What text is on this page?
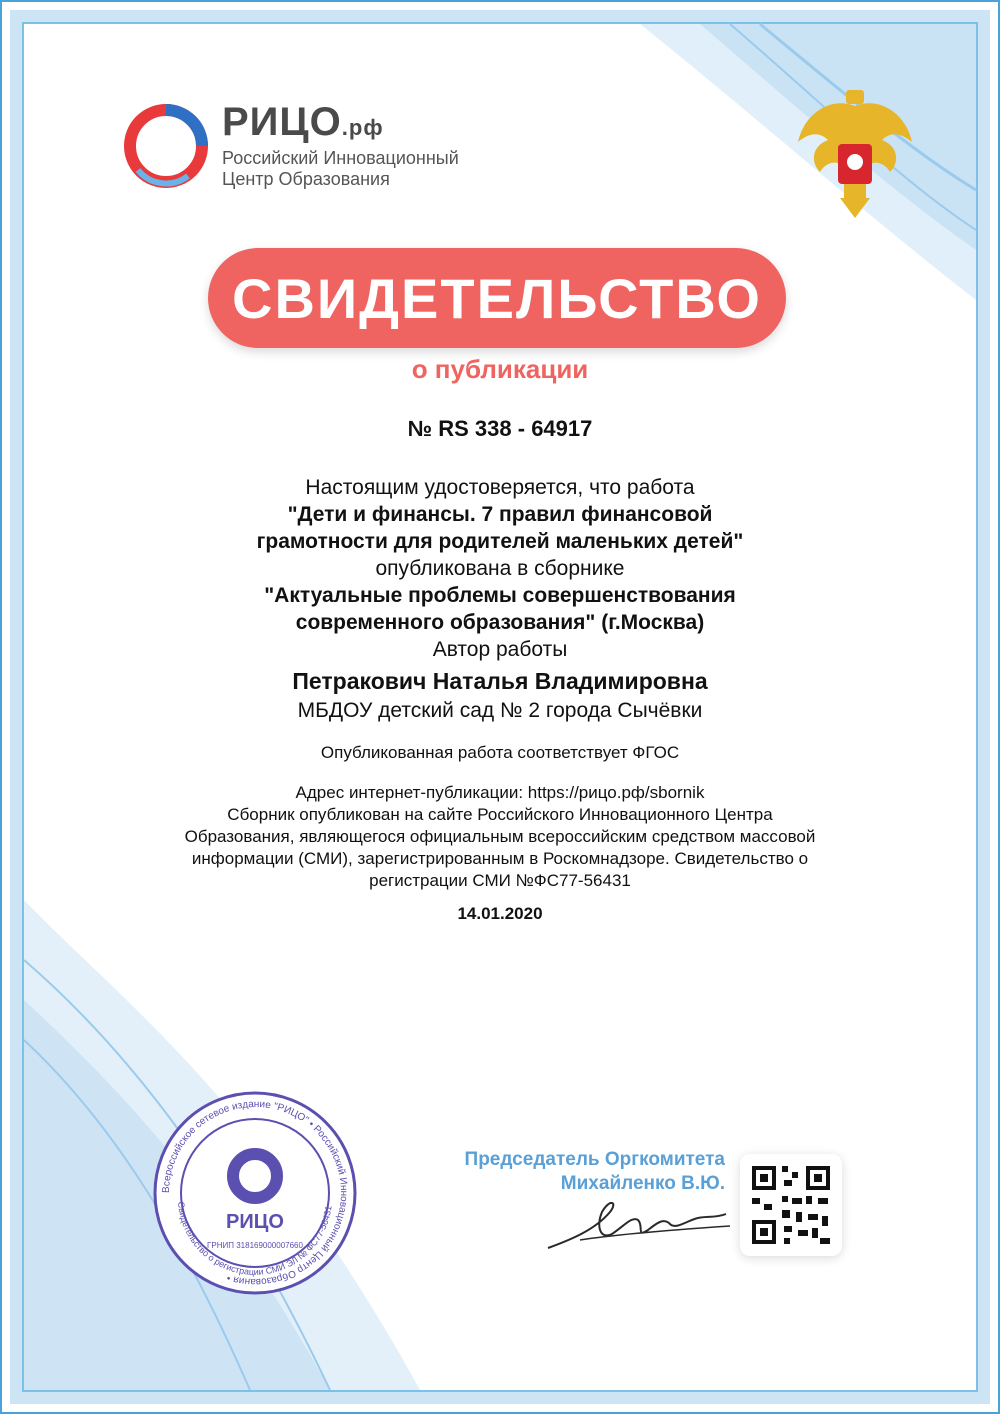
РИЦО.рф
Российский Инновационный
Центр Образования
СВИДЕТЕЛЬСТВО
о публикации
№ RS 338 - 64917
Настоящим удостоверяется, что работа
"Дети и финансы. 7 правил финансовой
грамотности для родителей маленьких детей"
опубликована в сборнике
"Актуальные проблемы совершенствования
современного образования" (г.Москва)
Автор работы
Петракович Наталья Владимировна
МБДОУ детский сад № 2 города Сычёвки
Опубликованная работа соответствует ФГОС
Адрес интернет-публикации: https://рицо.рф/sbornik
Сборник опубликован на сайте Российского Инновационного Центра
Образования, являющегося официальным всероссийским средством массовой
информации (СМИ), зарегистрированным в Роскомнадзоре. Свидетельство о
регистрации СМИ №ФС77-56431
14.01.2020
Всероссийское сетевое издание "РИЦО" • Российский Инновационный Центр Образования •
Свидетельство о регистрации СМИ ЭЛ № ФС77-56431
РИЦО
ГРНИП 318169000007660
Председатель Оргкомитета
Михайленко В.Ю.
